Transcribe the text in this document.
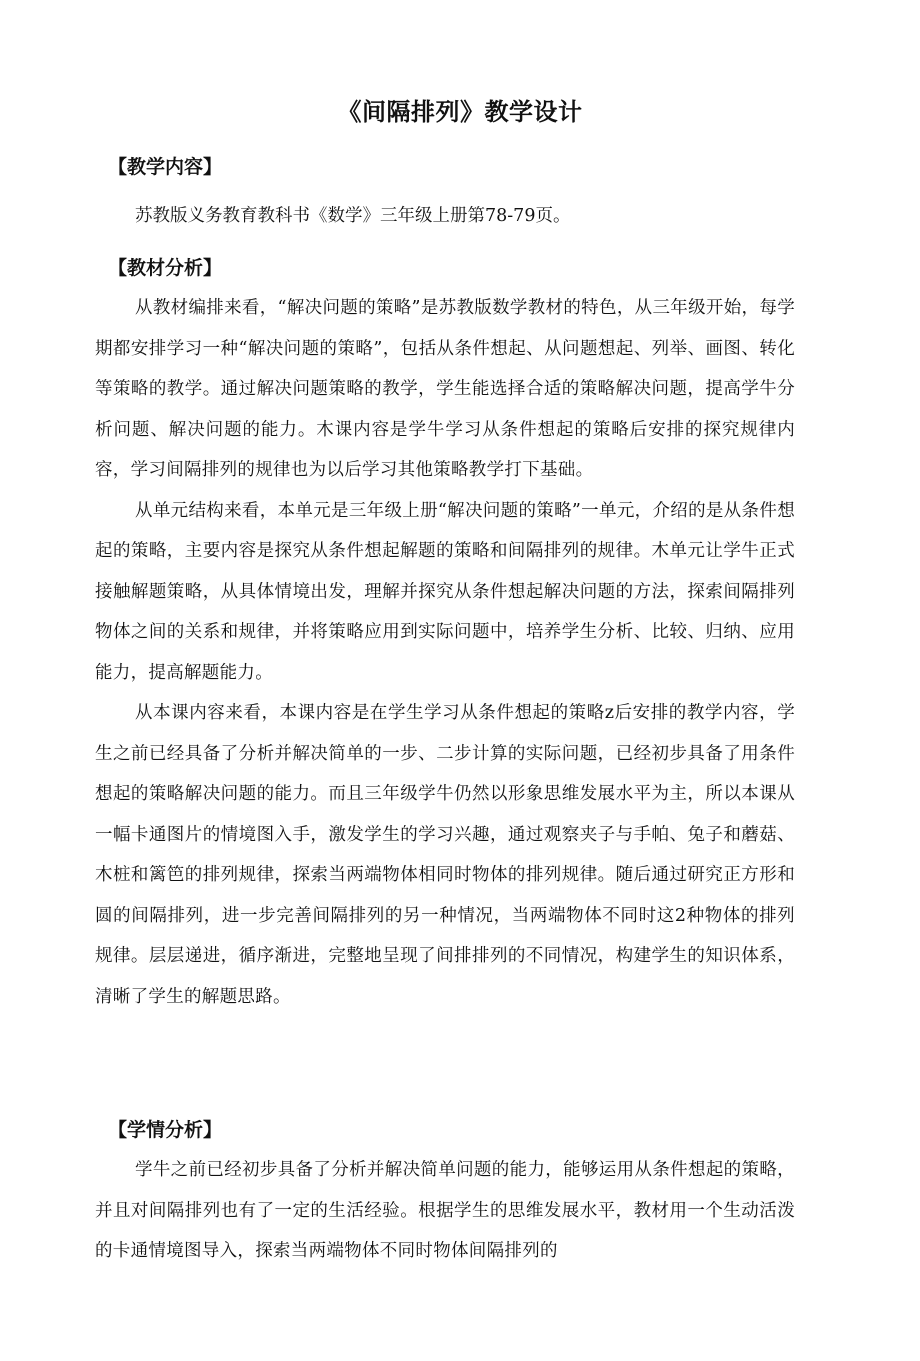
《间隔排列》教学设计
【教学内容】

苏教版义务教育教科书《数学》三年级上册第78-79页。

【教材分析】

从教材编排来看，“解决问题的策略”是苏教版数学教材的特色，从三年级开始，每学期都安排学习一种“解决问题的策略”，包括从条件想起、从问题想起、列举、画图、转化等策略的教学。通过解决问题策略的教学，学生能选择合适的策略解决问题，提高学牛分析问题、解决问题的能力。木课内容是学牛学习从条件想起的策略后安排的探究规律内容，学习间隔排列的规律也为以后学习其他策略教学打下基础。

从单元结构来看，本单元是三年级上册“解决问题的策略”一单元，介绍的是从条件想起的策略，主要内容是探究从条件想起解题的策略和间隔排列的规律。木单元让学牛正式接触解题策略，从具体情境出发，理解并探究从条件想起解决问题的方法，探索间隔排列物体之间的关系和规律，并将策略应用到实际问题中，培养学生分析、比较、归纳、应用能力，提高解题能力。

从本课内容来看，本课内容是在学生学习从条件想起的策略z后安排的教学内容，学生之前已经具备了分析并解决简单的一步、二步计算的实际问题，已经初步具备了用条件想起的策略解决问题的能力。而且三年级学牛仍然以形象思维发展水平为主，所以本课从一幅卡通图片的情境图入手，激发学生的学习兴趣，通过观察夹子与手帕、兔子和蘑菇、木桩和篱笆的排列规律，探索当两端物体相同时物体的排列规律。随后通过研究正方形和圆的间隔排列，进一步完善间隔排列的另一种情况，当两端物体不同时这2种物体的排列规律。层层递进，循序渐进，完整地呈现了间排排列的不同情况，构建学生的知识体系，清晰了学生的解题思路。

【学情分析】

学牛之前已经初步具备了分析并解决简单问题的能力，能够运用从条件想起的策略，并且对间隔排列也有了一定的生活经验。根据学生的思维发展水平，教材用一个生动活泼的卡通情境图导入，探索当两端物体不同时物体间隔排列的
